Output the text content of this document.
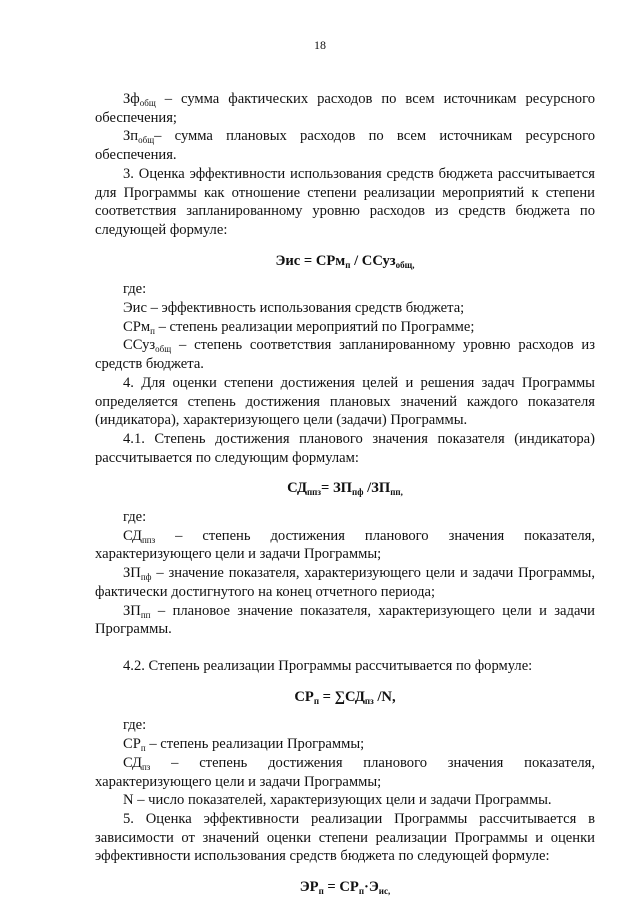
18

$Зф_{общ}$ – сумма фактических расходов по всем источникам ресурсного обеспечения;

$Зп_{общ}-$ сумма плановых расходов по всем источникам ресурсного обеспечения.

3. Оценка эффективности использования средств бюджета рассчитывается для Программы как отношение степени реализации мероприятий к степени соответствия запланированному уровню расходов из средств бюджета по следующей формуле:

Эис = СРм$_п$ / ССуз$_{общ,}$

где:

Эис – эффективность использования средств бюджета;

СРм$_п$ – степень реализации мероприятий по Программе;

ССуз$_{общ}$ – степень соответствия запланированному уровню расходов из средств бюджета.

4. Для оценки степени достижения целей и решения задач Программы определяется степень достижения плановых значений каждого показателя (индикатора), характеризующего цели (задачи) Программы.

4.1. Степень достижения планового значения показателя (индикатора) рассчитывается по следующим формулам:

$СД_{ппз}= ЗП_{пф}$ $/ЗП_{пп,}$

где:

$СД_{ппз}$ – степень достижения планового значения показателя, характеризующего цели и задачи Программы;

$ЗП_{пф}$ – значение показателя, характеризующего цели и задачи Программы, фактически достигнутого на конец отчетного периода;

$ЗП_{пп}$ – плановое значение показателя, характеризующего цели и задачи Программы.

4.2. Степень реализации Программы рассчитывается по формуле:

$СР_п = \sum СД_{пз}$ /N,

где:

$СР_п$ – степень реализации Программы;

$СД_{пз}$ – степень достижения планового значения показателя, характеризующего цели и задачи Программы;

N – число показателей, характеризующих цели и задачи Программы.

5. Оценка эффективности реализации Программы рассчитывается в зависимости от значений оценки степени реализации Программы и оценки эффективности использования средств бюджета по следующей формуле:

$ЭР_п = СР_п\cdot Э_{ис,}$
